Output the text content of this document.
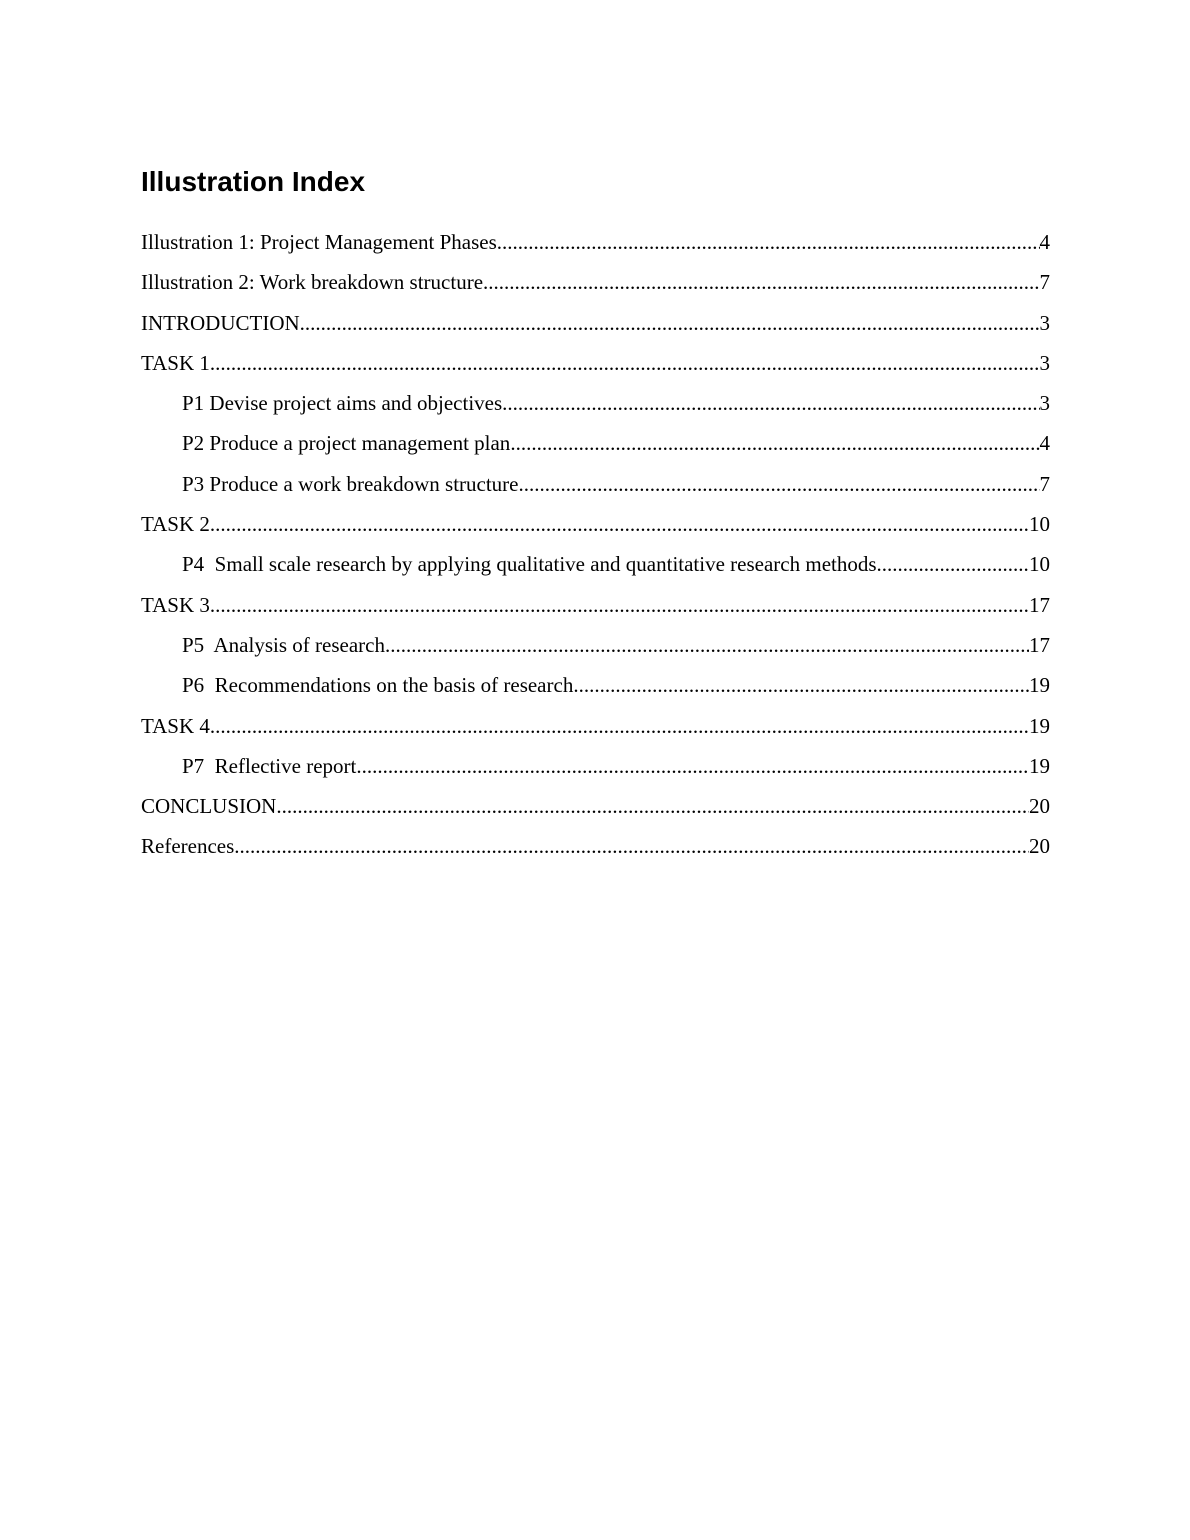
Illustration Index
Illustration 1: Project Management Phases .....	4
Illustration 2: Work breakdown structure .....	7
INTRODUCTION .....	3
TASK 1 .....	3
P1 Devise project aims and objectives .....	3
P2 Produce a project management plan .....	4
P3 Produce a work breakdown structure .....	7
TASK 2 .....	10
P4  Small scale research by applying qualitative and quantitative research methods .....	10
TASK 3 .....	17
P5  Analysis of research .....	17
P6  Recommendations on the basis of research .....	19
TASK 4 .....	19
P7  Reflective report .....	19
CONCLUSION .....	20
References .....	20
